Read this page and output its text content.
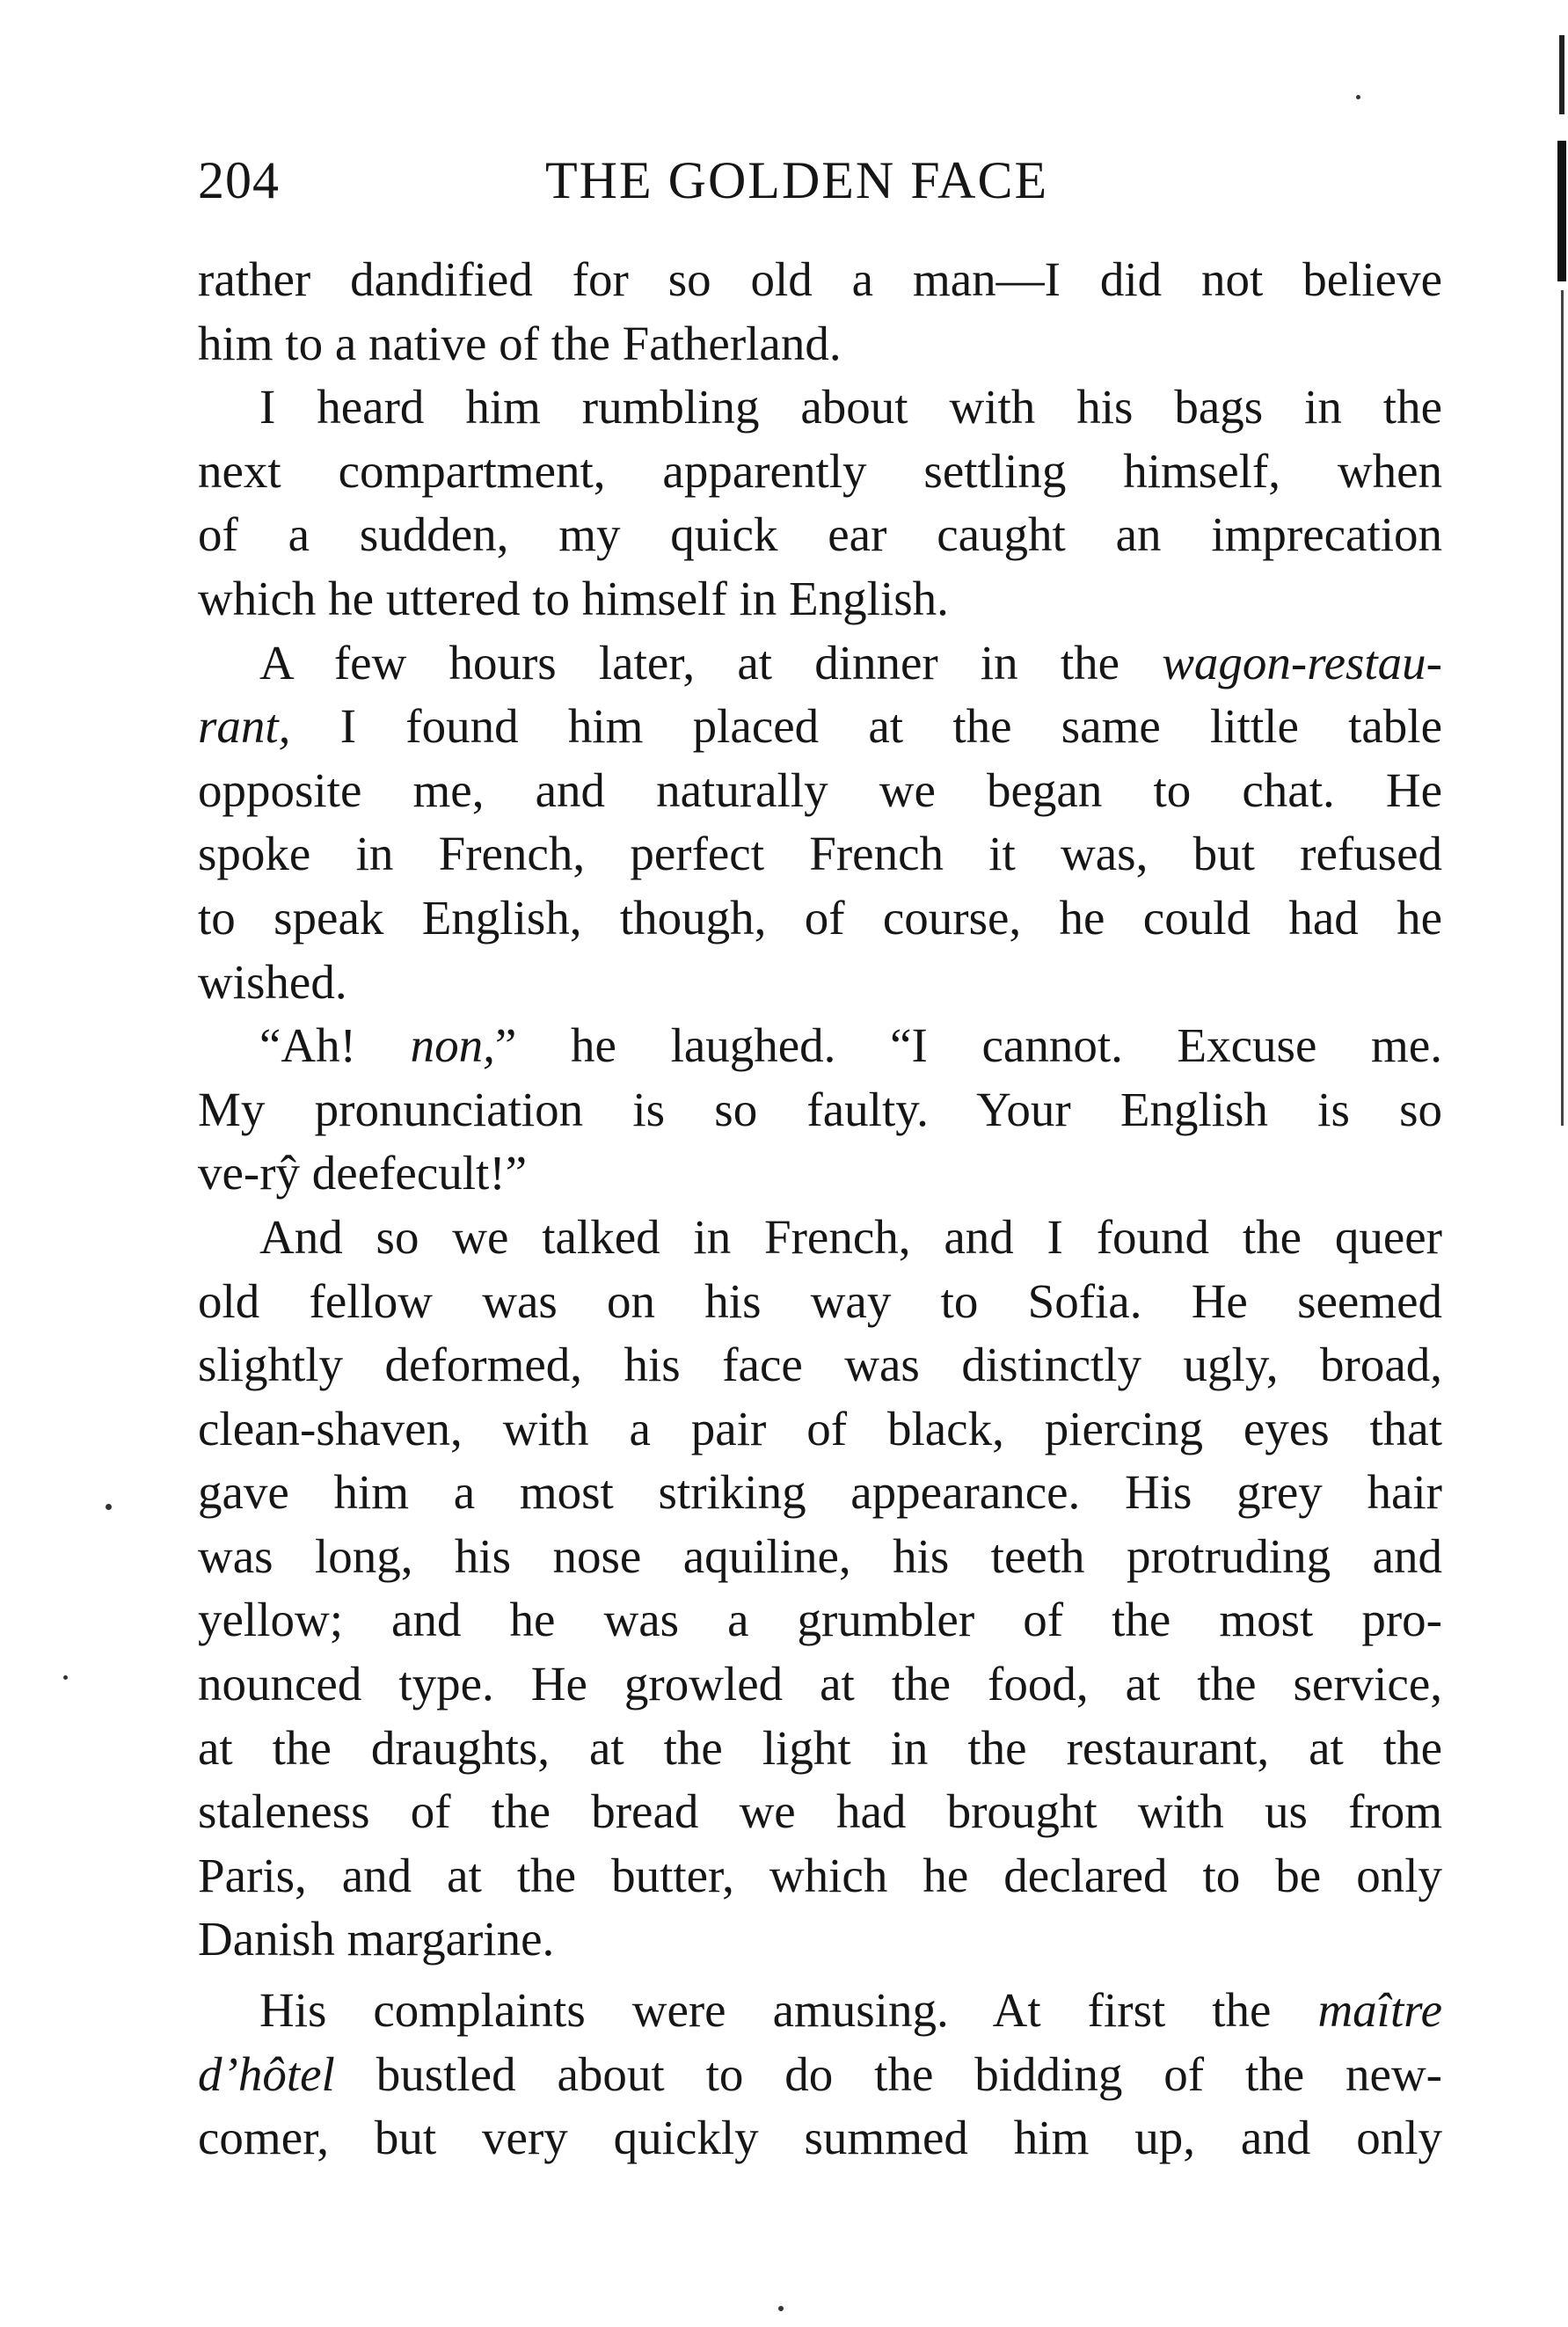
204	THE GOLDEN FACE
rather dandified for so old a man—I did not believe
him to a native of the Fatherland.
I heard him rumbling about with his bags in the
next compartment, apparently settling himself, when
of a sudden, my quick ear caught an imprecation
which he uttered to himself in English.
A few hours later, at dinner in the wagon-restau-
rant, I found him placed at the same little table
opposite me, and naturally we began to chat. He
spoke in French, perfect French it was, but refused
to speak English, though, of course, he could had he
wished.
“Ah! non,” he laughed. “I cannot. Excuse me.
My pronunciation is so faulty. Your English is so
ve-rŷ deefecult!”
And so we talked in French, and I found the queer
old fellow was on his way to Sofia. He seemed
slightly deformed, his face was distinctly ugly, broad,
clean-shaven, with a pair of black, piercing eyes that
gave him a most striking appearance. His grey hair
was long, his nose aquiline, his teeth protruding and
yellow; and he was a grumbler of the most pro-
nounced type. He growled at the food, at the service,
at the draughts, at the light in the restaurant, at the
staleness of the bread we had brought with us from
Paris, and at the butter, which he declared to be only
Danish margarine.
His complaints were amusing. At first the maître
d’hôtel bustled about to do the bidding of the new-
comer, but very quickly summed him up, and only
